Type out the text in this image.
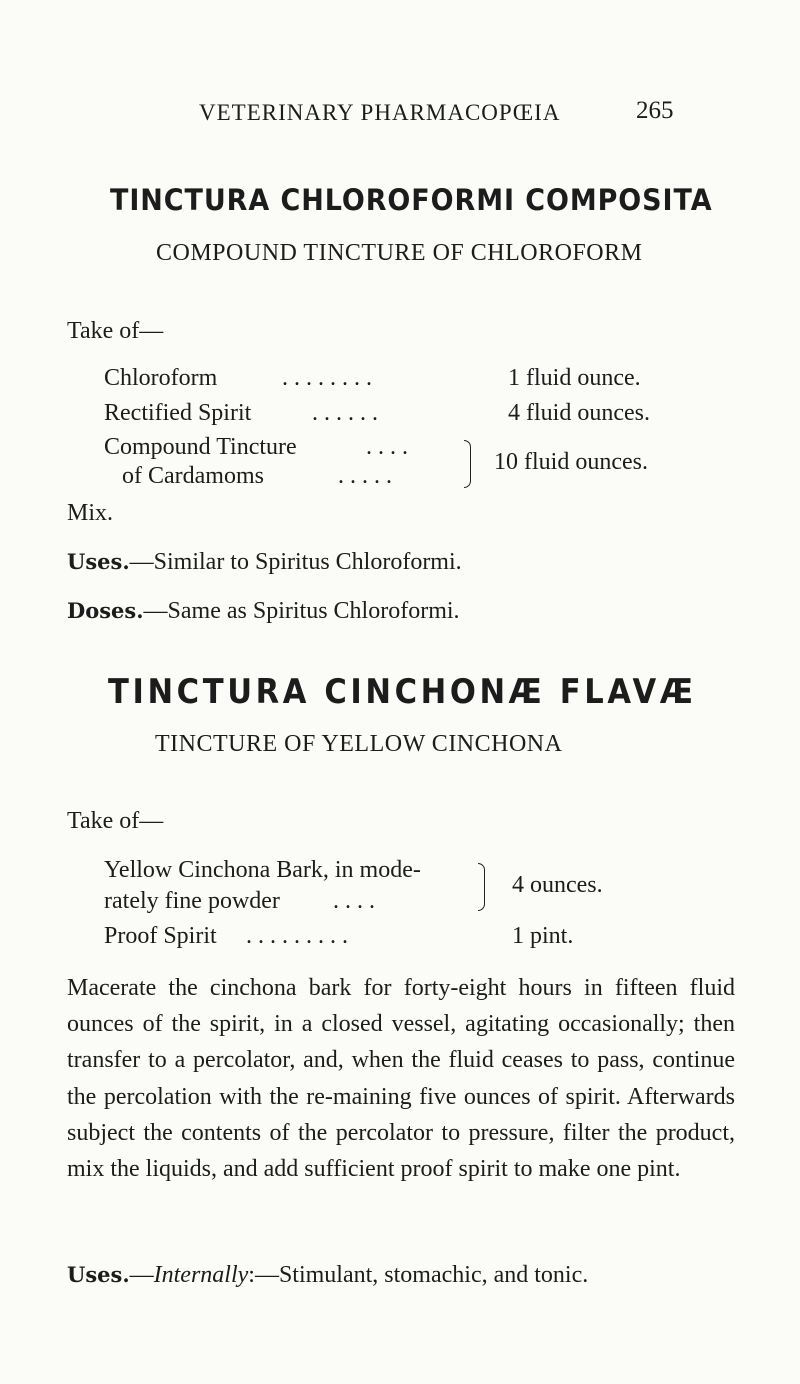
VETERINARY PHARMACOPŒIA	265
TINCTURA CHLOROFORMI COMPOSITA
COMPOUND TINCTURE OF CHLOROFORM
Take of—
Chloroform	. . . . . . . .	1 fluid ounce.
Rectified Spirit	. . . . . .	4 fluid ounces.
Compound Tincture	. . . .
of Cardamoms	. . . . .
10 fluid ounces.
Mix.
Uses.—Similar to Spiritus Chloroformi.
Doses.—Same as Spiritus Chloroformi.
TINCTURA CINCHONÆ FLAVÆ
TINCTURE OF YELLOW CINCHONA
Take of—
Yellow Cinchona Bark, in mode-
rately fine powder . . . .
4 ounces.
Proof Spirit . . . . . . . . .	1 pint.
Macerate the cinchona bark for forty-eight hours in fifteen fluid ounces of the spirit, in a closed vessel, agitating occasionally; then transfer to a percolator, and, when the fluid ceases to pass, continue the percolation with the re-maining five ounces of spirit. Afterwards subject the contents of the percolator to pressure, filter the product, mix the liquids, and add sufficient proof spirit to make one pint.
Uses.—Internally:—Stimulant, stomachic, and tonic.
